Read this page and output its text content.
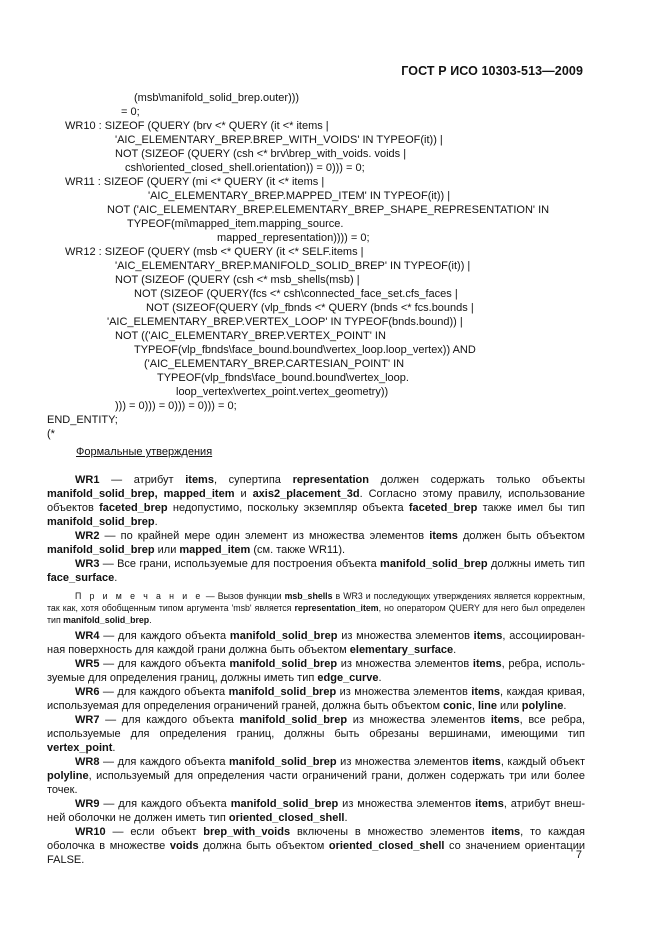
ГОСТ Р ИСО 10303-513—2009
(msb\manifold_solid_brep.outer)))
= 0;
WR10 : SIZEOF (QUERY (brv <* QUERY (it <* items |
'AIC_ELEMENTARY_BREP.BREP_WITH_VOIDS' IN TYPEOF(it)) |
NOT (SIZEOF (QUERY (csh <* brv\brep_with_voids. voids |
csh\oriented_closed_shell.orientation)) = 0))) = 0;
WR11 : SIZEOF (QUERY (mi <* QUERY (it <* items |
'AIC_ELEMENTARY_BREP.MAPPED_ITEM' IN TYPEOF(it)) |
NOT ('AIC_ELEMENTARY_BREP.ELEMENTARY_BREP_SHAPE_REPRESENTATION' IN
TYPEOF(mi\mapped_item.mapping_source.
mapped_representation)))) = 0;
WR12 : SIZEOF (QUERY (msb <* QUERY (it <* SELF.items |
'AIC_ELEMENTARY_BREP.MANIFOLD_SOLID_BREP' IN TYPEOF(it)) |
NOT (SIZEOF (QUERY (csh <* msb_shells(msb) |
NOT (SIZEOF (QUERY(fcs <* csh\connected_face_set.cfs_faces |
NOT (SIZEOF(QUERY (vlp_fbnds <* QUERY (bnds <* fcs.bounds |
'AIC_ELEMENTARY_BREP.VERTEX_LOOP' IN TYPEOF(bnds.bound)) |
NOT (('AIC_ELEMENTARY_BREP.VERTEX_POINT' IN
TYPEOF(vlp_fbnds\face_bound.bound\vertex_loop.loop_vertex)) AND
('AIC_ELEMENTARY_BREP.CARTESIAN_POINT' IN
TYPEOF(vlp_fbnds\face_bound.bound\vertex_loop.
loop_vertex\vertex_point.vertex_geometry))
))) = 0))) = 0))) = 0))) = 0;
END_ENTITY;
(*
Формальные утверждения

WR1 — атрибут items, супертипа representation должен содержать только объекты manifold_solid_brep, mapped_item и axis2_placement_3d. Согласно этому правилу, использование объектов faceted_brep недопустимо, поскольку экземпляр объекта faceted_brep также имел бы тип manifold_solid_brep.

WR2 — по крайней мере один элемент из множества элементов items должен быть объектом manifold_solid_brep или mapped_item (см. также WR11).

WR3 — Все грани, используемые для построения объекта manifold_solid_brep должны иметь тип face_surface.

П р и м е ч а н и е — Вызов функции msb_shells в WR3 и последующих утверждениях является корректным, так как, хотя обобщенным типом аргумента 'msb' является representation_item, но оператором QUERY для него был определен тип manifold_solid_brep.

WR4 — для каждого объекта manifold_solid_brep из множества элементов items, ассоциированная поверхность для каждой грани должна быть объектом elementary_surface.

WR5 — для каждого объекта manifold_solid_brep из множества элементов items, ребра, используемые для определения границ, должны иметь тип edge_curve.

WR6 — для каждого объекта manifold_solid_brep из множества элементов items, каждая кривая, используемая для определения ограничений граней, должна быть объектом conic, line или polyline.

WR7 — для каждого объекта manifold_solid_brep из множества элементов items, все ребра, используемые для определения границ, должны быть обрезаны вершинами, имеющими тип vertex_point.

WR8 — для каждого объекта manifold_solid_brep из множества элементов items, каждый объект polyline, используемый для определения части ограничений грани, должен содержать три или более точек.

WR9 — для каждого объекта manifold_solid_brep из множества элементов items, атрибут внешней оболочки не должен иметь тип oriented_closed_shell.

WR10 — если объект brep_with_voids включены в множество элементов items, то каждая оболочка в множестве voids должна быть объектом oriented_closed_shell со значением ориентации FALSE.	7
